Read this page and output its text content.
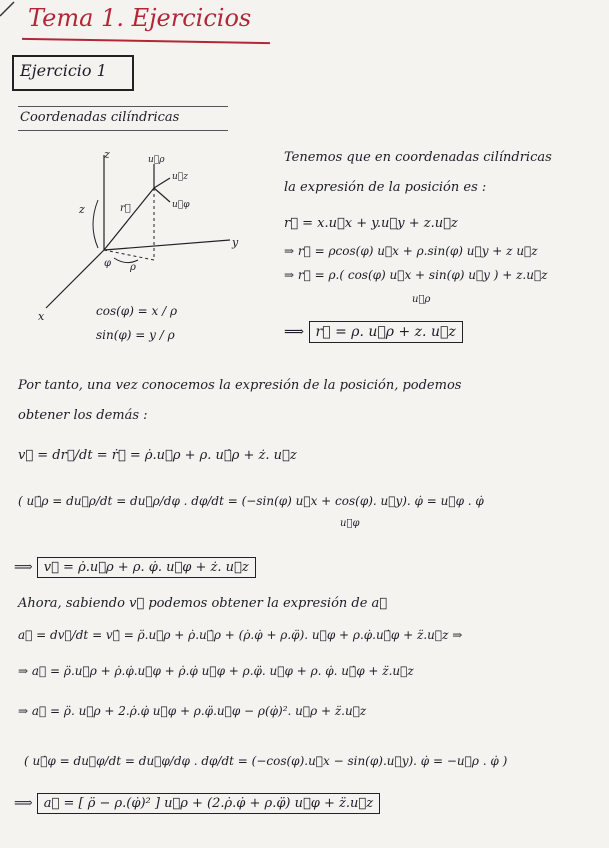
Tema 1. Ejercicios
Ejercicio 1
Coordenadas cilíndricas
z
y
x
z	r⃗
φ ρ
u⃗ρ
u⃗z
u⃗φ
cos(φ) = x / ρ
sin(φ) = y / ρ
Tenemos que en coordenadas cilíndricas
la expresión de la posición es :
r⃗ = x.u⃗x + y.u⃗y + z.u⃗z
⇒ r⃗ = ρcos(φ) u⃗x + ρ.sin(φ) u⃗y + z u⃗z
⇒ r⃗ = ρ.( cos(φ) u⃗x + sin(φ) u⃗y ) + z.u⃗z
u⃗ρ
⟹ r⃗ = ρ. u⃗ρ + z. u⃗z
Por tanto, una vez conocemos la expresión de la posición, podemos
obtener los demás :
v⃗ = dr⃗/dt = ṙ⃗ = ρ̇.u⃗ρ + ρ. u⃗̇ρ + ż. u⃗z
( u⃗̇ρ = du⃗ρ/dt = du⃗ρ/dφ . dφ/dt = (−sin(φ) u⃗x + cos(φ). u⃗y). φ̇ = u⃗φ . φ̇
u⃗φ
⟹ v⃗ = ρ̇.u⃗ρ + ρ. φ̇. u⃗φ + ż. u⃗z
Ahora, sabiendo v⃗ podemos obtener la expresión de a⃗
a⃗ = dv⃗/dt = v⃗̇ = ρ̈.u⃗ρ + ρ̇.u⃗̇ρ + (ρ̇.φ̇ + ρ.φ̈). u⃗φ + ρ.φ̇.u⃗̇φ + z̈.u⃗z ⇒
⇒ a⃗ = ρ̈.u⃗ρ + ρ̇.φ̇.u⃗φ + ρ̇.φ̇ u⃗φ + ρ.φ̈. u⃗φ + ρ. φ̇. u⃗̇φ + z̈.u⃗z
⇒ a⃗ = ρ̈. u⃗ρ + 2.ρ̇.φ̇ u⃗φ + ρ.φ̈.u⃗φ − ρ(φ̇)². u⃗ρ + z̈.u⃗z
( u⃗̇φ = du⃗φ/dt = du⃗φ/dφ . dφ/dt = (−cos(φ).u⃗x − sin(φ).u⃗y). φ̇ = −u⃗ρ . φ̇ )
⟹ a⃗ = [ ρ̈ − ρ.(φ̇)² ] u⃗ρ + (2.ρ̇.φ̇ + ρ.φ̈) u⃗φ + z̈.u⃗z
